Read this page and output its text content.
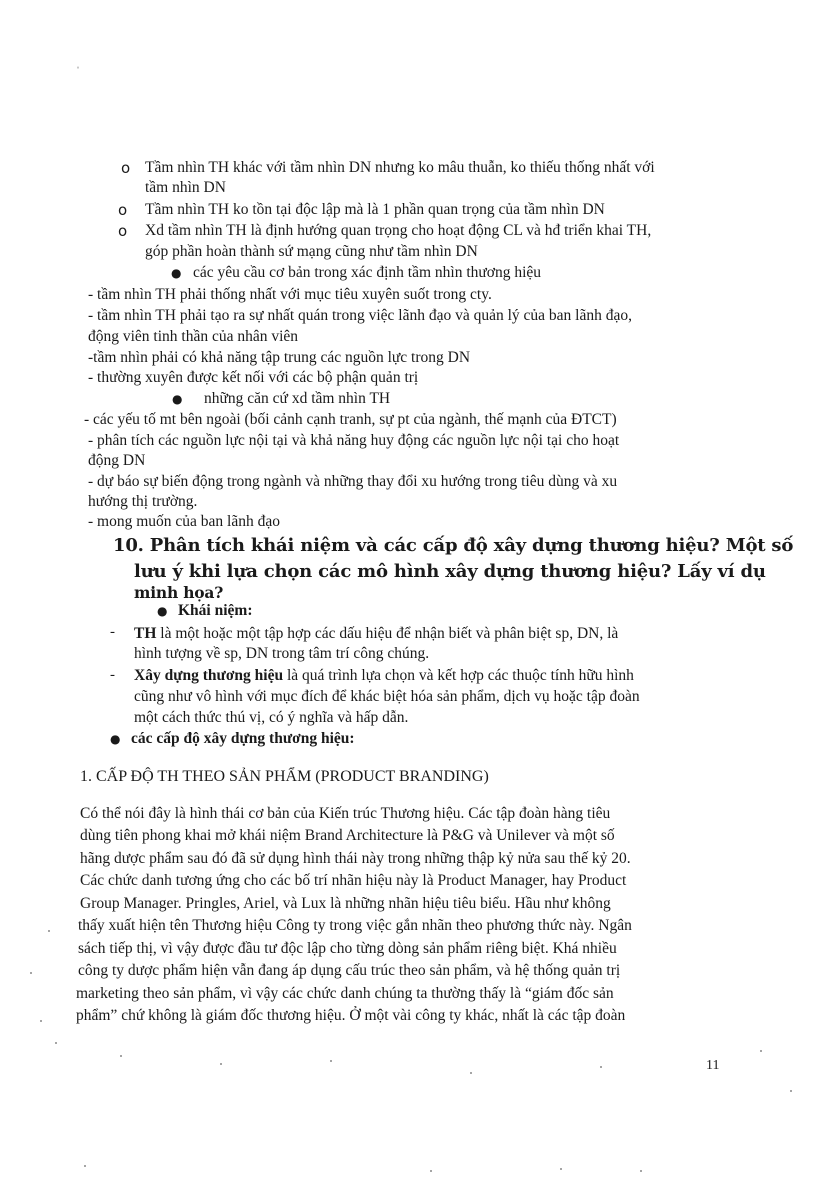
ˈ
o Tầm nhìn TH khác với tầm nhìn DN nhưng ko mâu thuẫn, ko thiếu thống nhất với
tầm nhìn DN
o Tầm nhìn TH ko tồn tại độc lập mà là 1 phần quan trọng của tầm nhìn DN
o Xd tầm nhìn TH là định hướng quan trọng cho hoạt động CL và hđ triển khai TH,
góp phần hoàn thành sứ mạng cũng như tầm nhìn DN
● các yêu cầu cơ bản trong xác định tầm nhìn thương hiệu
- tầm nhìn TH phải thống nhất với mục tiêu xuyên suốt trong cty.
- tầm nhìn TH phải tạo ra sự nhất quán trong việc lãnh đạo và quản lý của ban lãnh đạo,
động viên tinh thần của nhân viên
-tầm nhìn phải có khả năng tập trung các nguồn lực trong DN
- thường xuyên được kết nối với các bộ phận quản trị
● những căn cứ xd tầm nhìn TH
- các yếu tố mt bên ngoài (bối cảnh cạnh tranh, sự pt của ngành, thế mạnh của ĐTCT)
- phân tích các nguồn lực nội tại và khả năng huy động các nguồn lực nội tại cho hoạt
động DN
- dự báo sự biến động trong ngành và những thay đổi xu hướng trong tiêu dùng và xu
hướng thị trường.
- mong muốn của ban lãnh đạo
10. Phân tích khái niệm và các cấp độ xây dựng thương hiệu? Một số
lưu ý khi lựa chọn các mô hình xây dựng thương hiệu? Lấy ví dụ
minh họa?
● Khái niệm:
- TH là một hoặc một tập hợp các dấu hiệu để nhận biết và phân biệt sp, DN, là
hình tượng về sp, DN trong tâm trí công chúng.
- Xây dựng thương hiệu là quá trình lựa chọn và kết hợp các thuộc tính hữu hình
cũng như vô hình với mục đích để khác biệt hóa sản phẩm, dịch vụ hoặc tập đoàn
một cách thức thú vị, có ý nghĩa và hấp dẫn.
● các cấp độ xây dựng thương hiệu:
1. CẤP ĐỘ TH THEO SẢN PHẨM (PRODUCT BRANDING)
Có thể nói đây là hình thái cơ bản của Kiến trúc Thương hiệu. Các tập đoàn hàng tiêu
dùng tiên phong khai mở khái niệm Brand Architecture là P&G và Unilever và một số
hãng dược phẩm sau đó đã sử dụng hình thái này trong những thập kỷ nửa sau thế kỷ 20.
Các chức danh tương ứng cho các bố trí nhãn hiệu này là Product Manager, hay Product
Group Manager. Pringles, Ariel, và Lux là những nhãn hiệu tiêu biểu. Hầu như không
thấy xuất hiện tên Thương hiệu Công ty trong việc gắn nhãn theo phương thức này. Ngân
sách tiếp thị, vì vậy được đầu tư độc lập cho từng dòng sản phẩm riêng biệt. Khá nhiều
công ty dược phẩm hiện vẫn đang áp dụng cấu trúc theo sản phẩm, và hệ thống quản trị
marketing theo sản phẩm, vì vậy các chức danh chúng ta thường thấy là “giám đốc sản
phẩm” chứ không là giám đốc thương hiệu. Ở một vài công ty khác, nhất là các tập đoàn
11
